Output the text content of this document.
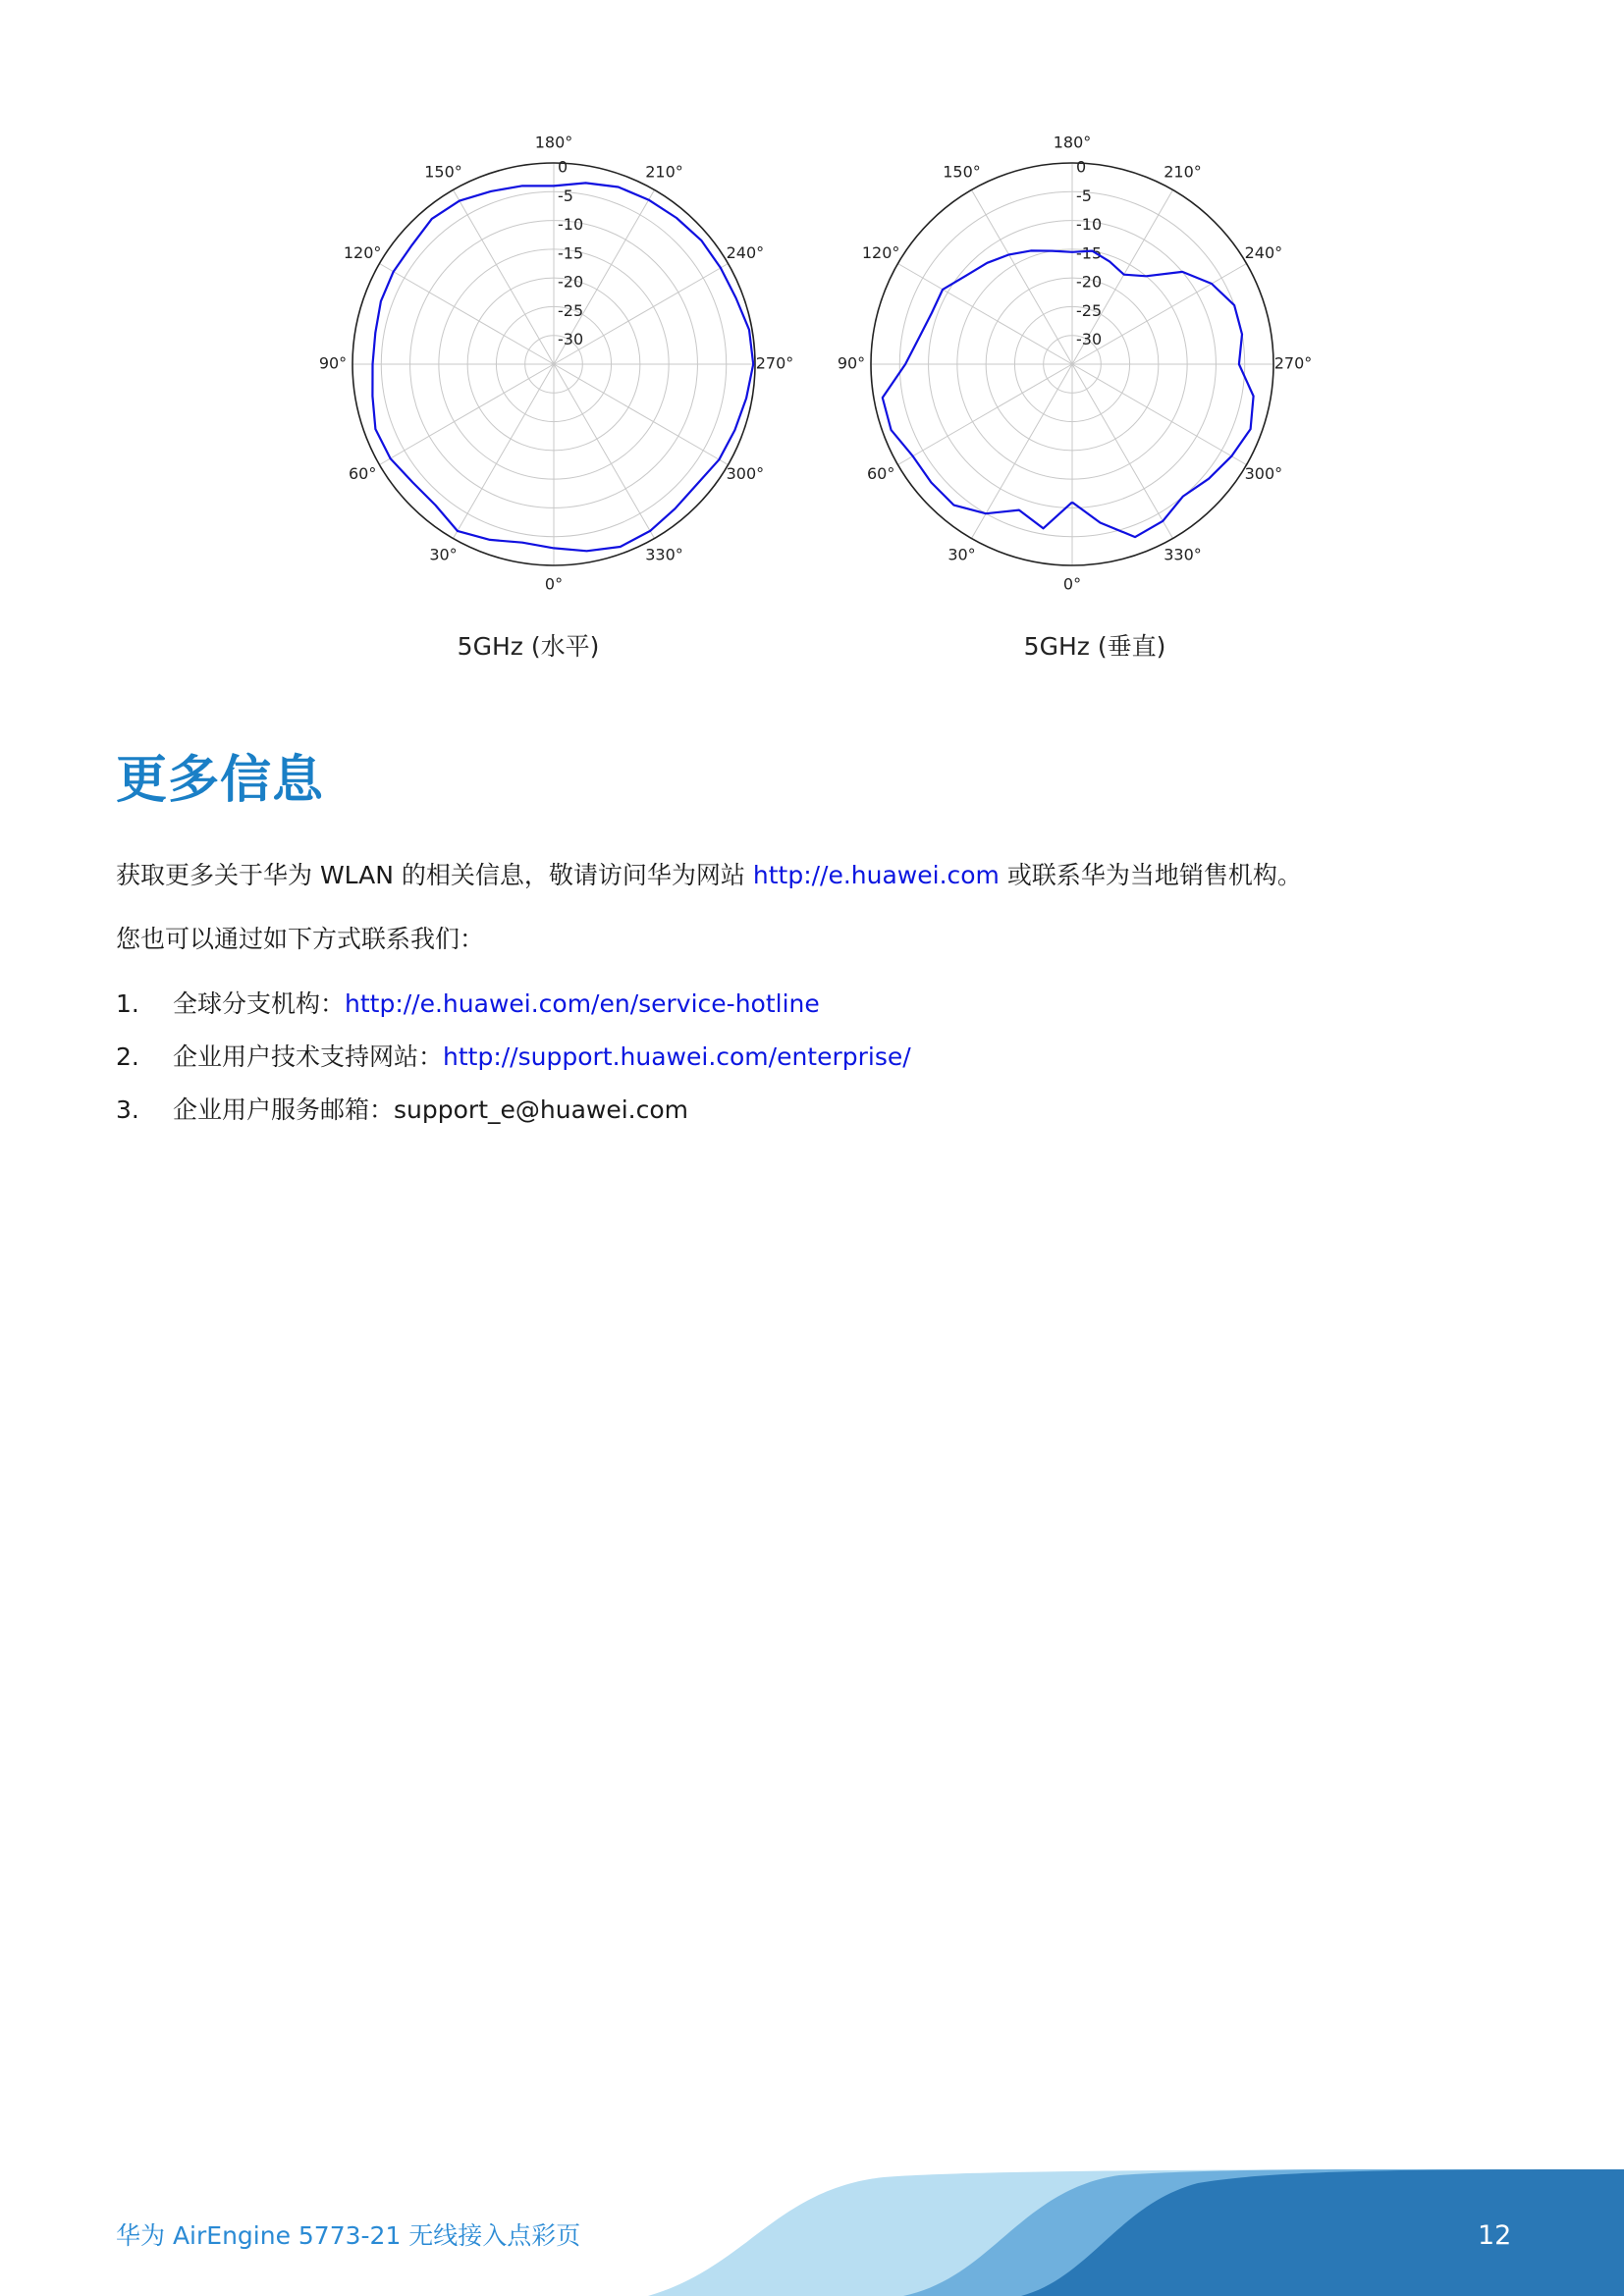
0°
30°
60°
90°
120°
150°
180°
210°
240°
270°
300°
330°
0
-5
-10
-15
-20
-25
-30
0°
30°
60°
90°
120°
150°
180°
210°
240°
270°
300°
330°
0
-5
-10
-15
-20
-25
-30
5GHz (水平)	5GHz (垂直)
更多信息
获取更多关于华为 WLAN 的相关信息，敬请访问华为网站 http://e.huawei.com 或联系华为当地销售机构。
您也可以通过如下方式联系我们：
1. 全球分支机构：http://e.huawei.com/en/service-hotline
2. 企业用户技术支持网站：http://support.huawei.com/enterprise/
3. 企业用户服务邮箱：support_e@huawei.com
华为 AirEngine 5773-21 无线接入点彩页	12
